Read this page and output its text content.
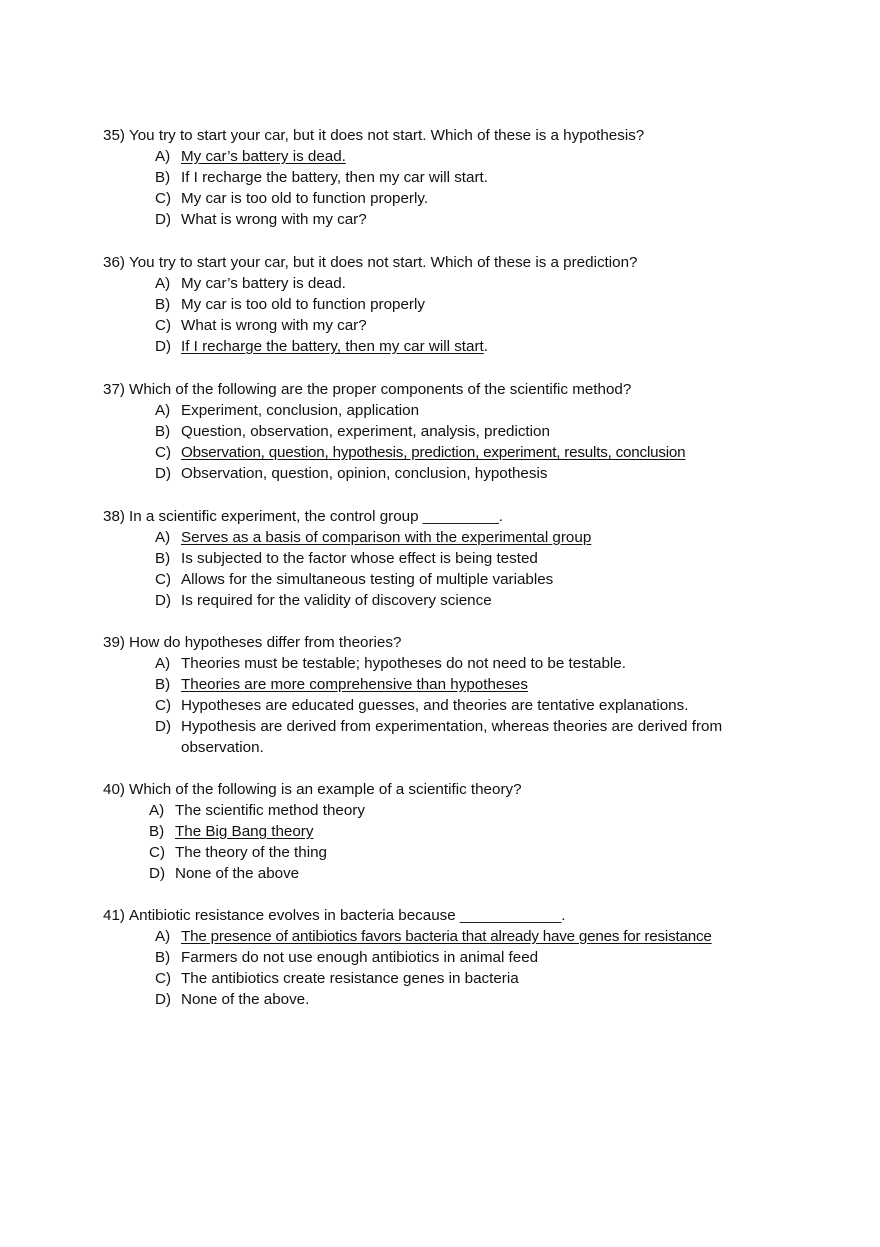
35) You try to start your car, but it does not start. Which of these is a hypothesis?
A) My car’s battery is dead.
B) If I recharge the battery, then my car will start.
C) My car is too old to function properly.
D) What is wrong with my car?
36) You try to start your car, but it does not start. Which of these is a prediction?
A) My car’s battery is dead.
B) My car is too old to function properly
C) What is wrong with my car?
D) If I recharge the battery, then my car will start .
37) Which of the following are the proper components of the scientific method?
A) Experiment, conclusion, application
B) Question, observation, experiment, analysis, prediction
C) Observation, question, hypothesis, prediction, experiment, results, conclusion
D) Observation, question, opinion, conclusion, hypothesis
38) In a scientific experiment, the control group _________.
A) Serves as a basis of comparison with the experimental group
B) Is subjected to the factor whose effect is being tested
C) Allows for the simultaneous testing of multiple variables
D) Is required for the validity of discovery science
39) How do hypotheses differ from theories?
A) Theories must be testable; hypotheses do not need to be testable.
B) Theories are more comprehensive than hypotheses
C) Hypotheses are educated guesses, and theories are tentative explanations.
D) Hypothesis are derived from experimentation, whereas theories are derived from observation.
40) Which of the following is an example of a scientific theory?
A) The scientific method theory
B) The Big Bang theory
C) The theory of the thing
D) None of the above
41) Antibiotic resistance evolves in bacteria because ____________.
A) The presence of antibiotics favors bacteria that already have genes for resistance
B) Farmers do not use enough antibiotics in animal feed
C) The antibiotics create resistance genes in bacteria
D) None of the above.
